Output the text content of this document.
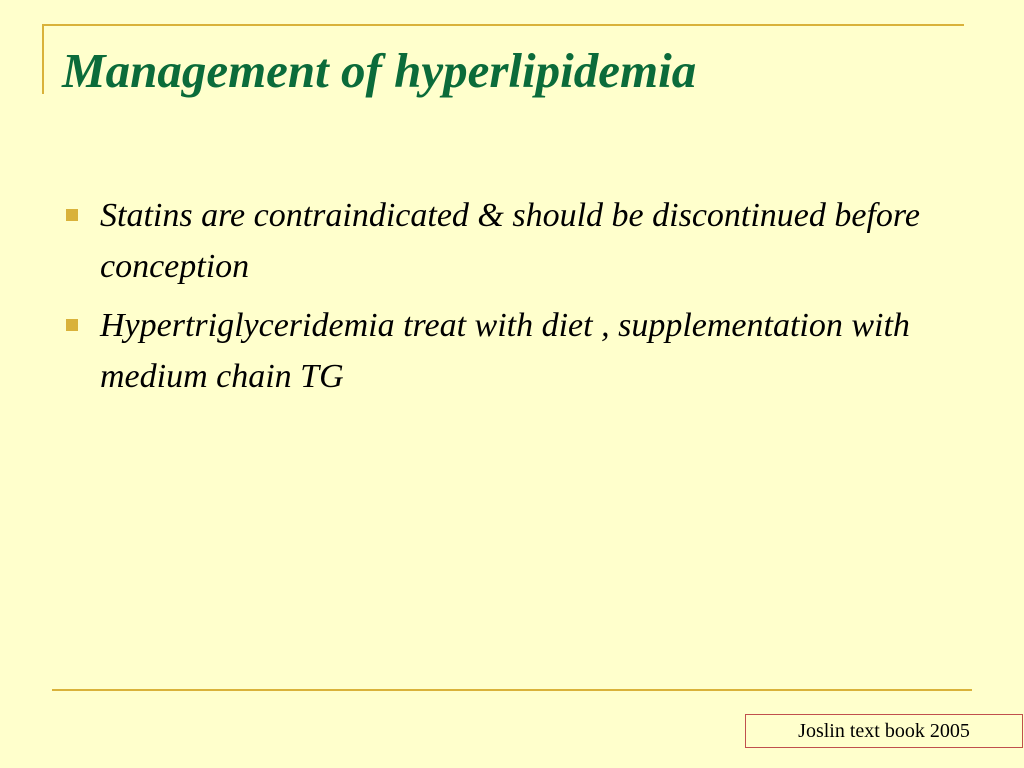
Management of hyperlipidemia
Statins are contraindicated & should be discontinued before conception
Hypertriglyceridemia treat with diet , supplementation with medium chain TG
Joslin text book 2005
